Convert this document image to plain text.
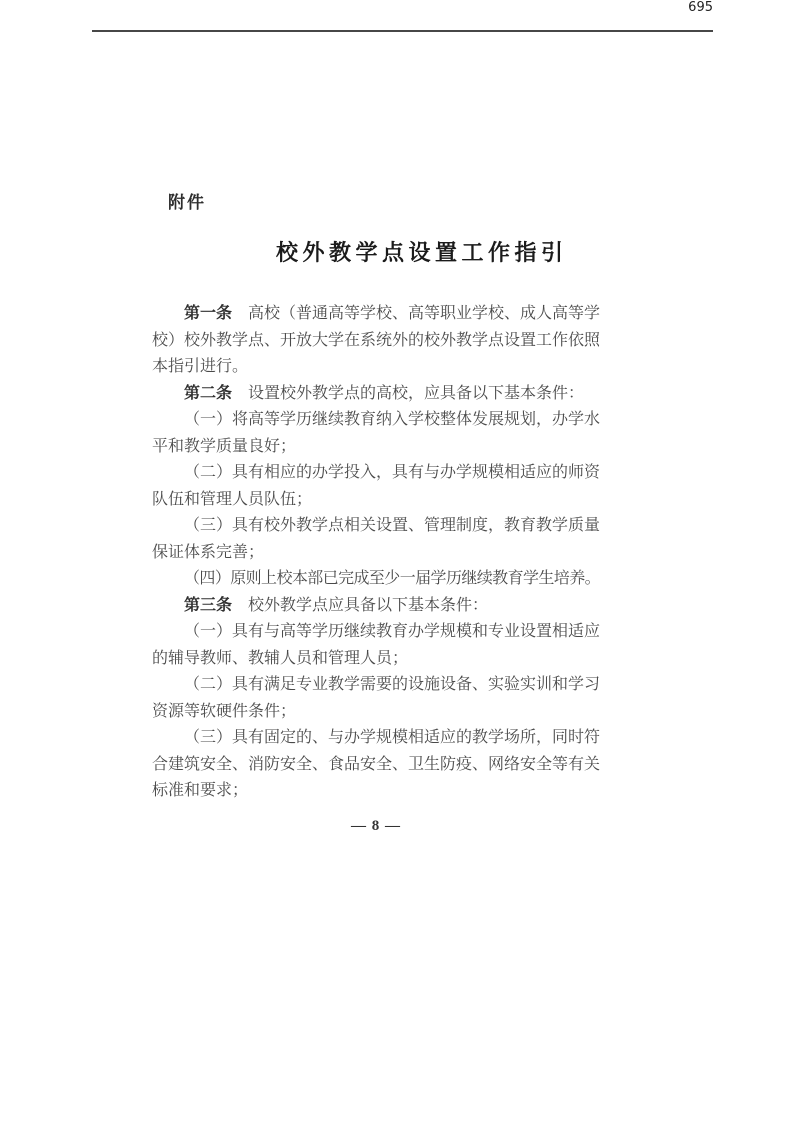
695
附件
校外教学点设置工作指引
第一条 高校（普通高等学校、高等职业学校、成人高等学
校）校外教学点、开放大学在系统外的校外教学点设置工作依照
本指引进行。
第二条 设置校外教学点的高校，应具备以下基本条件：
（一）将高等学历继续教育纳入学校整体发展规划，办学水
平和教学质量良好；
（二）具有相应的办学投入，具有与办学规模相适应的师资
队伍和管理人员队伍；
（三）具有校外教学点相关设置、管理制度，教育教学质量
保证体系完善；
（四）原则上校本部已完成至少一届学历继续教育学生培养。
第三条 校外教学点应具备以下基本条件：
（一）具有与高等学历继续教育办学规模和专业设置相适应
的辅导教师、教辅人员和管理人员；
（二）具有满足专业教学需要的设施设备、实验实训和学习
资源等软硬件条件；
（三）具有固定的、与办学规模相适应的教学场所，同时符
合建筑安全、消防安全、食品安全、卫生防疫、网络安全等有关
标准和要求；
— 8 —
